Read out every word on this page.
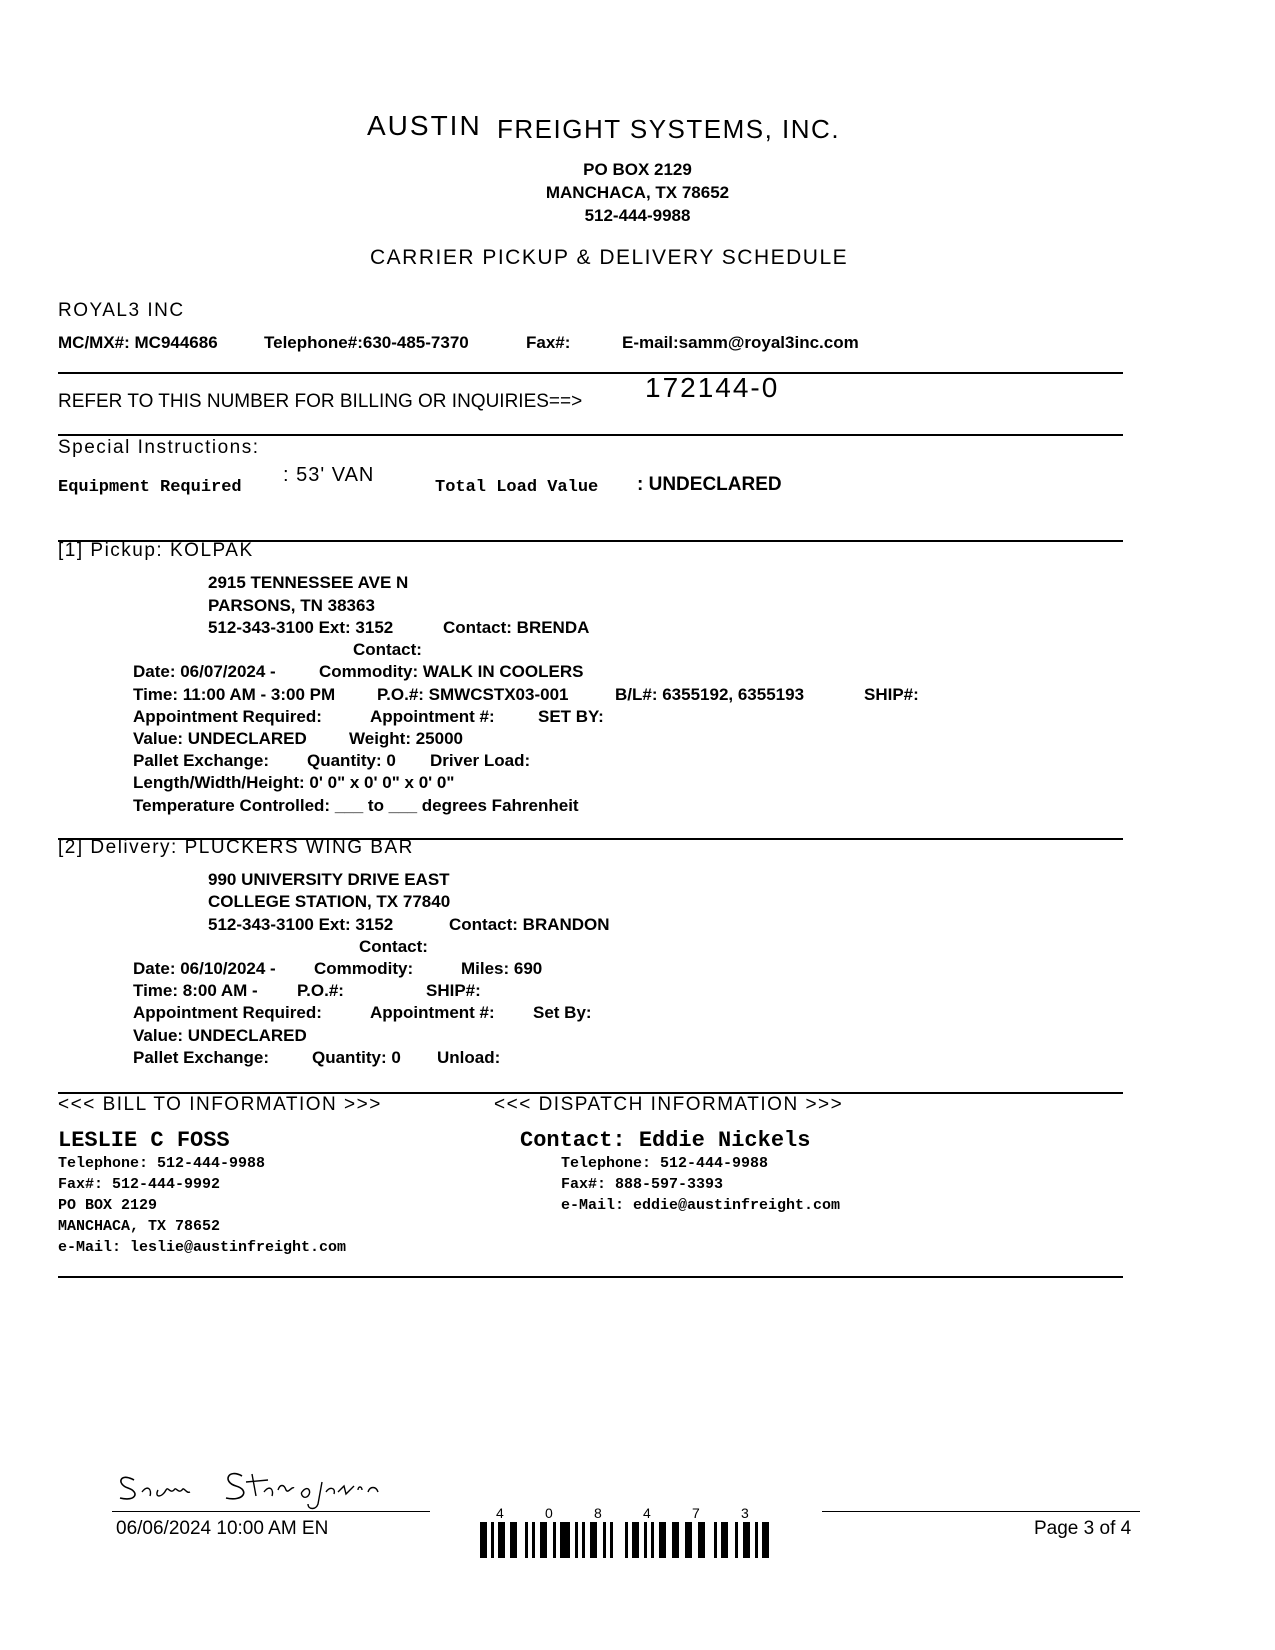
AUSTIN FREIGHT SYSTEMS, INC.
PO BOX 2129
MANCHACA, TX 78652
512-444-9988
CARRIER PICKUP & DELIVERY SCHEDULE
ROYAL3 INC
MC/MX#: MC944686	Telephone#:630-485-7370	Fax#:	E-mail:samm@royal3inc.com
REFER TO THIS NUMBER FOR BILLING OR INQUIRIES==> 172144-0
Special Instructions:
Equipment Required
: 53' VAN
Total Load Value : UNDECLARED
[1] Pickup: KOLPAK
2915 TENNESSEE AVE N
PARSONS, TN 38363
512-343-3100 Ext: 3152	Contact: BRENDA
Contact:
Date: 06/07/2024 -	Commodity: WALK IN COOLERS
Time: 11:00 AM - 3:00 PM P.O.#: SMWCSTX03-001	B/L#: 6355192, 6355193	SHIP#:
Appointment Required:	Appointment #:	SET BY:
Value: UNDECLARED Weight: 25000
Pallet Exchange: Quantity: 0 Driver Load:
Length/Width/Height: 0' 0" x 0' 0" x 0' 0"
Temperature Controlled: ___ to ___ degrees Fahrenheit
[2] Delivery: PLUCKERS WING BAR
990 UNIVERSITY DRIVE EAST
COLLEGE STATION, TX 77840
512-343-3100 Ext: 3152	Contact: BRANDON
Contact:
Date: 06/10/2024 - Commodity:	Miles: 690
Time: 8:00 AM - P.O.#:	SHIP#:
Appointment Required:	Appointment #: Set By:
Value: UNDECLARED
Pallet Exchange:	Quantity: 0 Unload:
<<< BILL TO INFORMATION >>>	<<< DISPATCH INFORMATION >>>
LESLIE C FOSS
Telephone: 512-444-9988
Fax#: 512-444-9992
PO BOX 2129
MANCHACA, TX 78652
e-Mail: leslie@austinfreight.com
Contact: Eddie Nickels
Telephone: 512-444-9988
Fax#: 888-597-3393
e-Mail: eddie@austinfreight.com
06/06/2024 10:00 AM EN	Page 3 of 4
4	0	8	4	7	3
